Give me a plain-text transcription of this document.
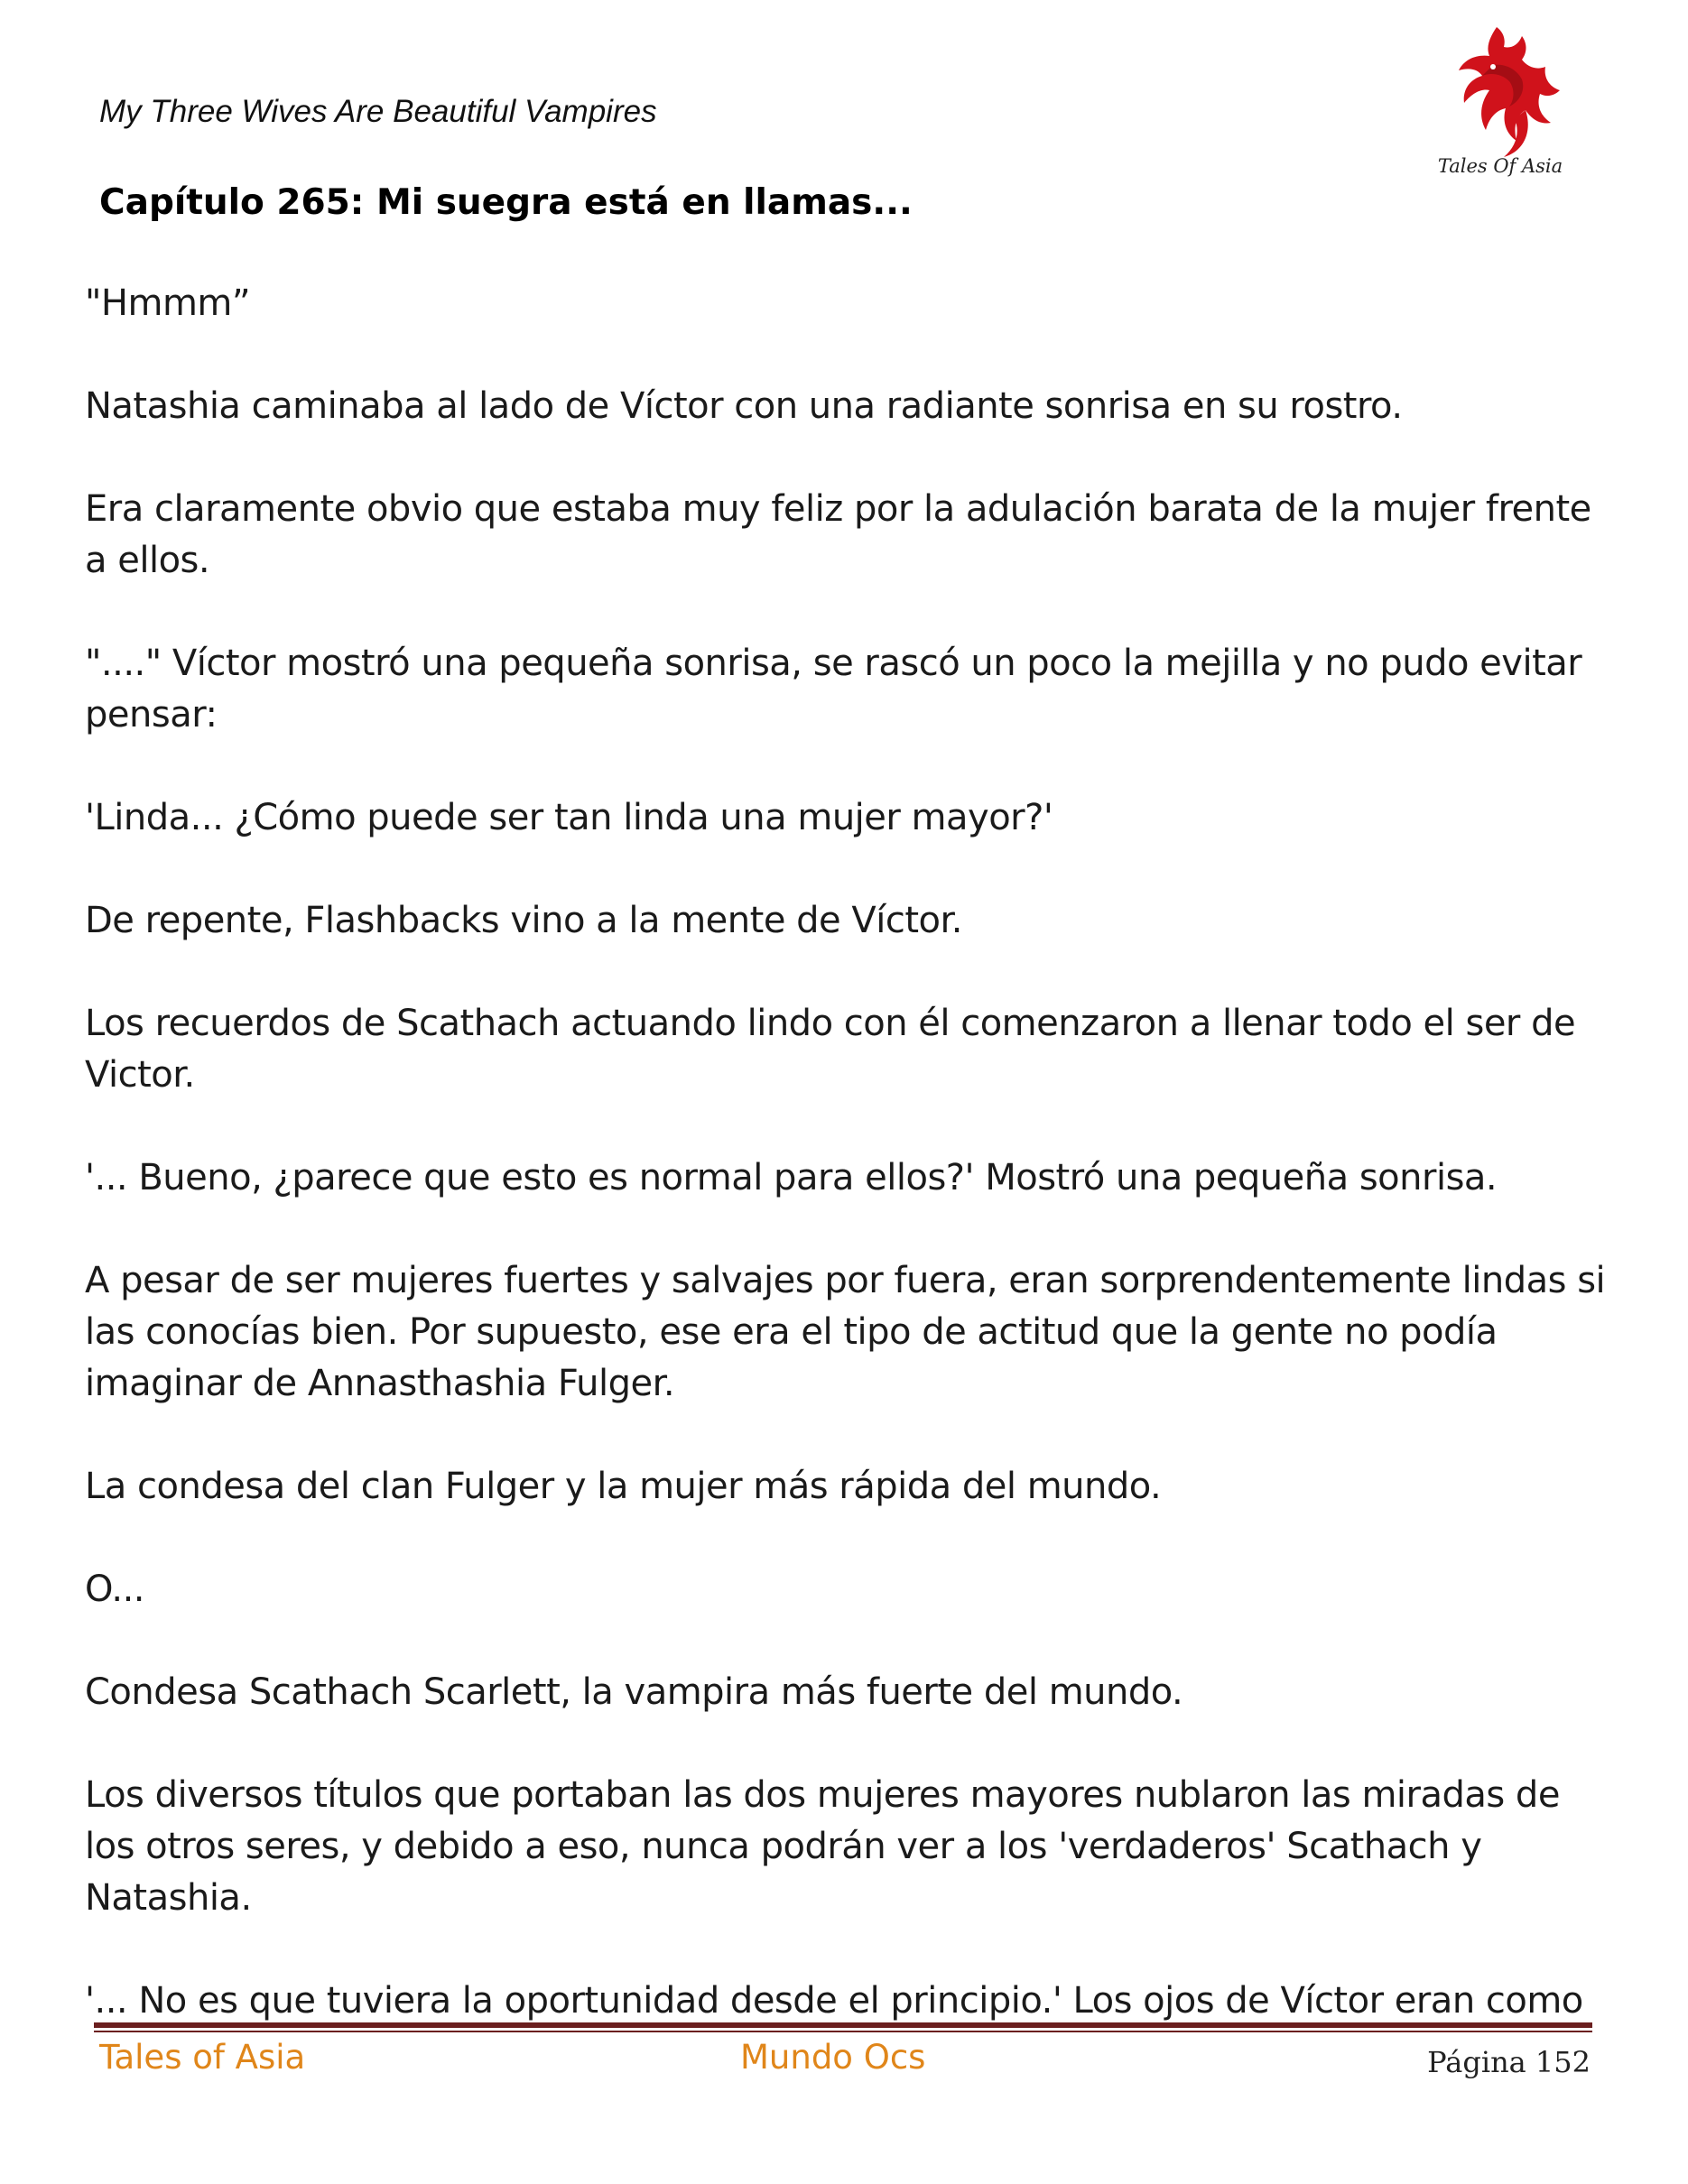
My Three Wives Are Beautiful Vampires
Capítulo 265: Mi suegra está en llamas...
Tales Of Asia

"Hmmm”

Natashia caminaba al lado de Víctor con una radiante sonrisa en su rostro.

Era claramente obvio que estaba muy feliz por la adulación barata de la mujer frente a ellos.

"...." Víctor mostró una pequeña sonrisa, se rascó un poco la mejilla y no pudo evitar pensar:

'Linda... ¿Cómo puede ser tan linda una mujer mayor?'

De repente, Flashbacks vino a la mente de Víctor.

Los recuerdos de Scathach actuando lindo con él comenzaron a llenar todo el ser de Victor.

'... Bueno, ¿parece que esto es normal para ellos?' Mostró una pequeña sonrisa.

A pesar de ser mujeres fuertes y salvajes por fuera, eran sorprendentemente lindas si las conocías bien. Por supuesto, ese era el tipo de actitud que la gente no podía imaginar de Annasthashia Fulger.

La condesa del clan Fulger y la mujer más rápida del mundo.

O...

Condesa Scathach Scarlett, la vampira más fuerte del mundo.

Los diversos títulos que portaban las dos mujeres mayores nublaron las miradas de los otros seres, y debido a eso, nunca podrán ver a los 'verdaderos' Scathach y Natashia.

'... No es que tuviera la oportunidad desde el principio.' Los ojos de Víctor eran como

Tales of Asia	Mundo Ocs	Página 152
